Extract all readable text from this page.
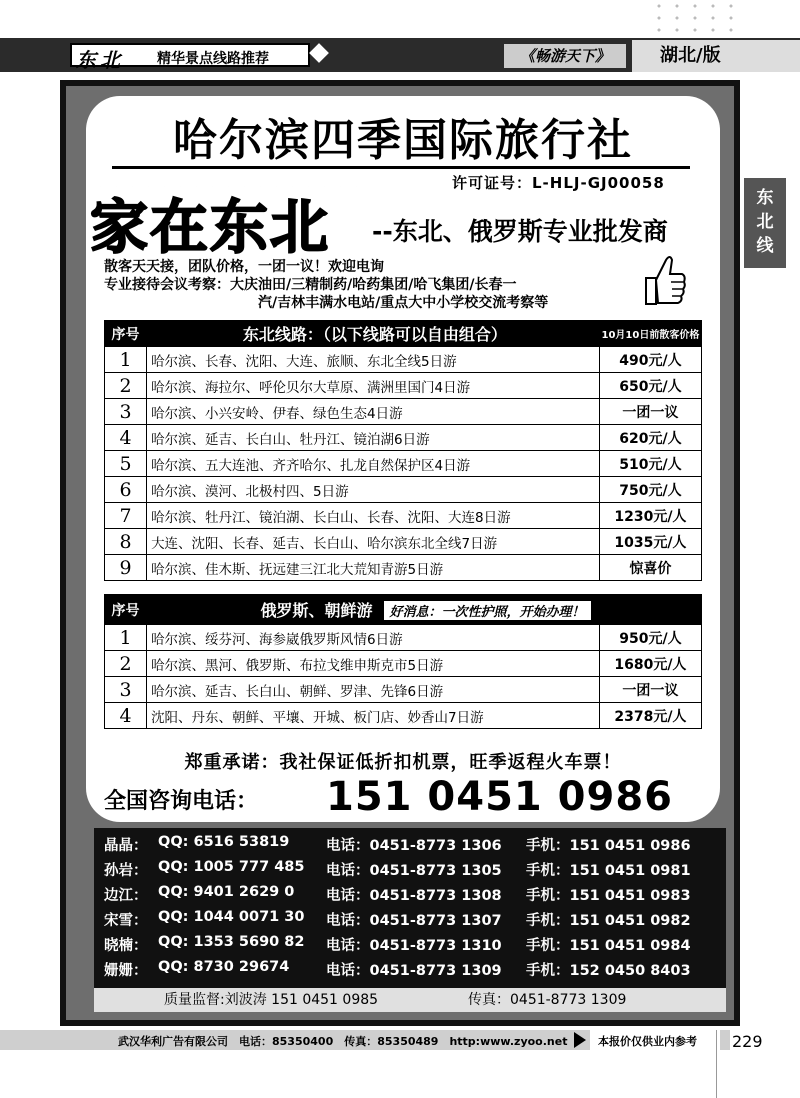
东北 精华景点线路推荐	《畅游天下》	湖北/版
东北线
哈尔滨四季国际旅行社
许可证号：L-HLJ-GJ00058
家在东北 --东北、俄罗斯专业批发商
散客天天接，团队价格，一团一议！欢迎电询
专业接待会议考察：大庆油田/三精制药/哈药集团/哈飞集团/长春一
汽/吉林丰满水电站/重点大中小学校交流考察等
序号	东北线路：（以下线路可以自由组合）	10月10日前散客价格
1	哈尔滨、长春、沈阳、大连、旅顺、东北全线5日游	490元/人
2	哈尔滨、海拉尔、呼伦贝尔大草原、满洲里国门4日游	650元/人
3	哈尔滨、小兴安岭、伊春、绿色生态4日游	一团一议
4	哈尔滨、延吉、长白山、牡丹江、镜泊湖6日游	620元/人
5	哈尔滨、五大连池、齐齐哈尔、扎龙自然保护区4日游	510元/人
6	哈尔滨、漠河、北极村四、5日游	750元/人
7	哈尔滨、牡丹江、镜泊湖、长白山、长春、沈阳、大连8日游	1230元/人
8	大连、沈阳、长春、延吉、长白山、哈尔滨东北全线7日游	1035元/人
9	哈尔滨、佳木斯、抚远建三江北大荒知青游5日游	惊喜价
序号	俄罗斯、朝鲜游 好消息：一次性护照，开始办理！	
1	哈尔滨、绥芬河、海参崴俄罗斯风情6日游	950元/人
2	哈尔滨、黑河、俄罗斯、布拉戈维申斯克市5日游	1680元/人
3	哈尔滨、延吉、长白山、朝鲜、罗津、先锋6日游	一团一议
4	沈阳、丹东、朝鲜、平壤、开城、板门店、妙香山7日游	2378元/人
郑重承诺：我社保证低折扣机票，旺季返程火车票！
全国咨询电话： 151 0451 0986
晶晶： QQ: 6516 53819	电话：0451-8773 1306 手机：151 0451 0986
孙岩： QQ: 1005 777 485 电话：0451-8773 1305 手机：151 0451 0981
边江： QQ: 9401 2629 0 电话：0451-8773 1308 手机：151 0451 0983
宋雪： QQ: 1044 0071 30 电话：0451-8773 1307 手机：151 0451 0982
晓楠： QQ: 1353 5690 82 电话：0451-8773 1310 手机：151 0451 0984
姗姗： QQ: 8730 29674	电话：0451-8773 1309 手机：152 0450 8403
质量监督:刘波涛 151 0451 0985	传真：0451-8773 1309
武汉华利广告有限公司　电话：85350400　传真：85350489　http:www.zyoo.net	本报价仅供业内参考 229
